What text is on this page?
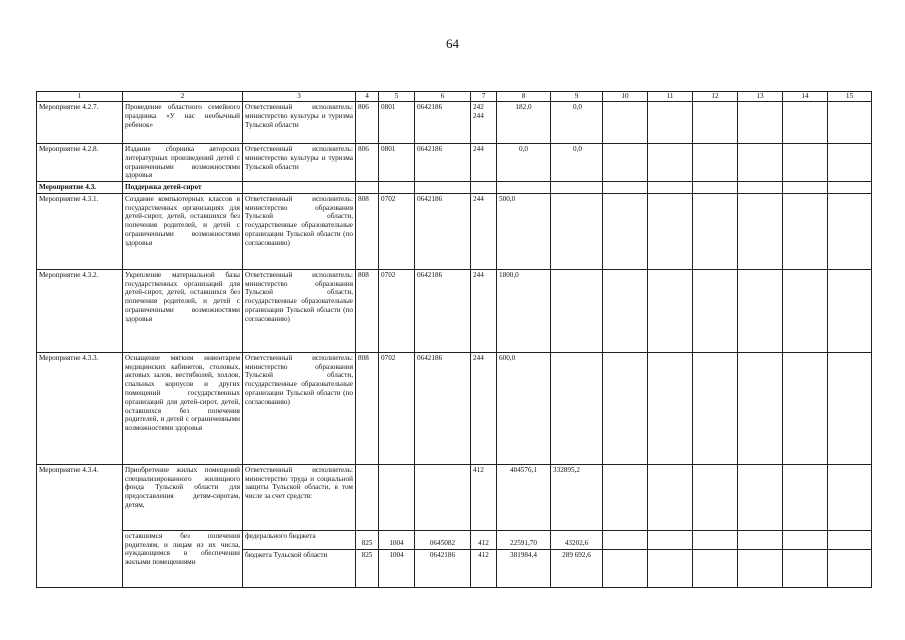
64
1	2	3	4	5	6	7	8	9	10	11	12	13	14	15
Мероприятие 4.2.7.	Проведение областного семейного праздника «У нас необычный ребенок»	Ответственный исполнитель: министерство культуры и туризма Тульской области	806	0801	0642186	242 244	182,0	0,0						
Мероприятие 4.2.8.	Издание сборника авторских литературных произведений детей с ограниченными возможностями здоровья	Ответственный исполнитель: министерство культуры и туризма Тульской области	806	0801	0642186	244	0,0	0,0						
Мероприятие 4.3.	Поддержка детей-сирот													
Мероприятие 4.3.1.	Создание компьютерных классов в государственных организациях для детей-сирот, детей, оставшихся без попечения родителей, и детей с ограниченными возможностями здоровья	Ответственный исполнитель: министерство образования Тульской области, государственные образовательные организации Тульской области (по согласованию)	808	0702	0642186	244	500,0							
Мероприятие 4.3.2.	Укрепление материальной базы государственных организаций для детей-сирот, детей, оставшихся без попечения родителей, и детей с ограниченными возможностями здоровья	Ответственный исполнитель: министерство образования Тульской области, государственные образовательные организации Тульской области (по согласованию)	808	0702	0642186	244	1800,0							
Мероприятие 4.3.3.	Оснащение мягким инвентарем медицинских кабинетов, столовых, актовых залов, вестибюлей, холлов, спальных корпусов и других помещений государственных организаций для детей-сирот, детей, оставшихся без попечения родителей, и детей с ограниченными возможностями здоровья	Ответственный исполнитель: министерство образования Тульской области, государственные образовательные организации Тульской области (по согласованию)	808	0702	0642186	244	600,0							
Мероприятие 4.3.4.	Приобретение жилых помещений специализированного жилищного фонда Тульской области для предоставления детям-сиротам, детям,	Ответственный исполнитель: министерство труда и социальной защиты Тульской области, в том числе за счет средств:				412	404576,1	332895,2						
	оставшимся без попечения родителям, и лицам из их числа, нуждающимся в обеспечении жилыми помещениями	федерального бюджета	825	1004	0645082	412	22591,70	43202,6						
		бюджета Тульской области	825	1004	0642186	412	381984,4	289 692,6						
